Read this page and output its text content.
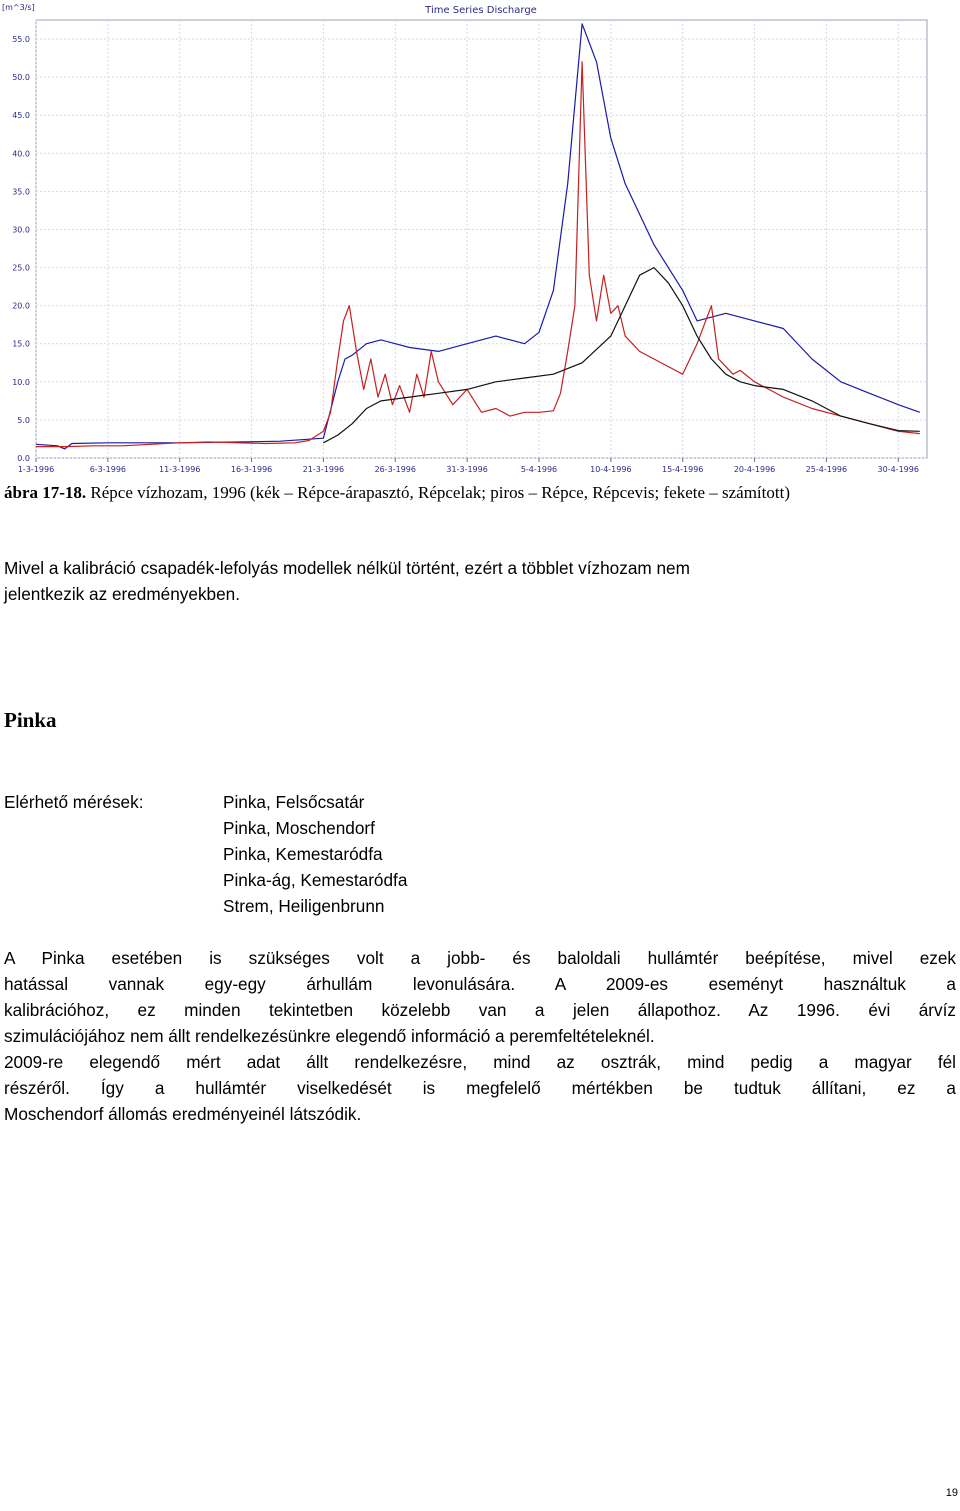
0.0
5.0
10.0
15.0
20.0
25.0
30.0
35.0
40.0
45.0
50.0
55.0
1-3-1996	6-3-1996	11-3-1996	16-3-1996	21-3-1996	26-3-1996	31-3-1996	5-4-1996	10-4-1996	15-4-1996	20-4-1996	25-4-1996	30-4-1996
Time Series Discharge
[m^3/s]
ábra 17-18. Répce vízhozam, 1996 (kék – Répce-árapasztó, Répcelak; piros – Répce, Répcevis; fekete – számított)
Mivel a kalibráció csapadék-lefolyás modellek nélkül történt, ezért a többlet vízhozam nem
jelentkezik az eredményekben.
Pinka
Elérhető mérések:	Pinka, Felsőcsatár
Pinka, Moschendorf
Pinka, Kemestaródfa
Pinka-ág, Kemestaródfa
Strem, Heiligenbrunn
A Pinka esetében is szükséges volt a jobb- és baloldali hullámtér beépítése, mivel ezek
hatással vannak egy-egy árhullám levonulására. A 2009-es eseményt használtuk a
kalibrációhoz, ez minden tekintetben közelebb van a jelen állapothoz. Az 1996. évi árvíz
szimulációjához nem állt rendelkezésünkre elegendő információ a peremfeltételeknél.
2009-re elegendő mért adat állt rendelkezésre, mind az osztrák, mind pedig a magyar fél
részéről. Így a hullámtér viselkedését is megfelelő mértékben be tudtuk állítani, ez a
Moschendorf állomás eredményeinél látszódik.
19
